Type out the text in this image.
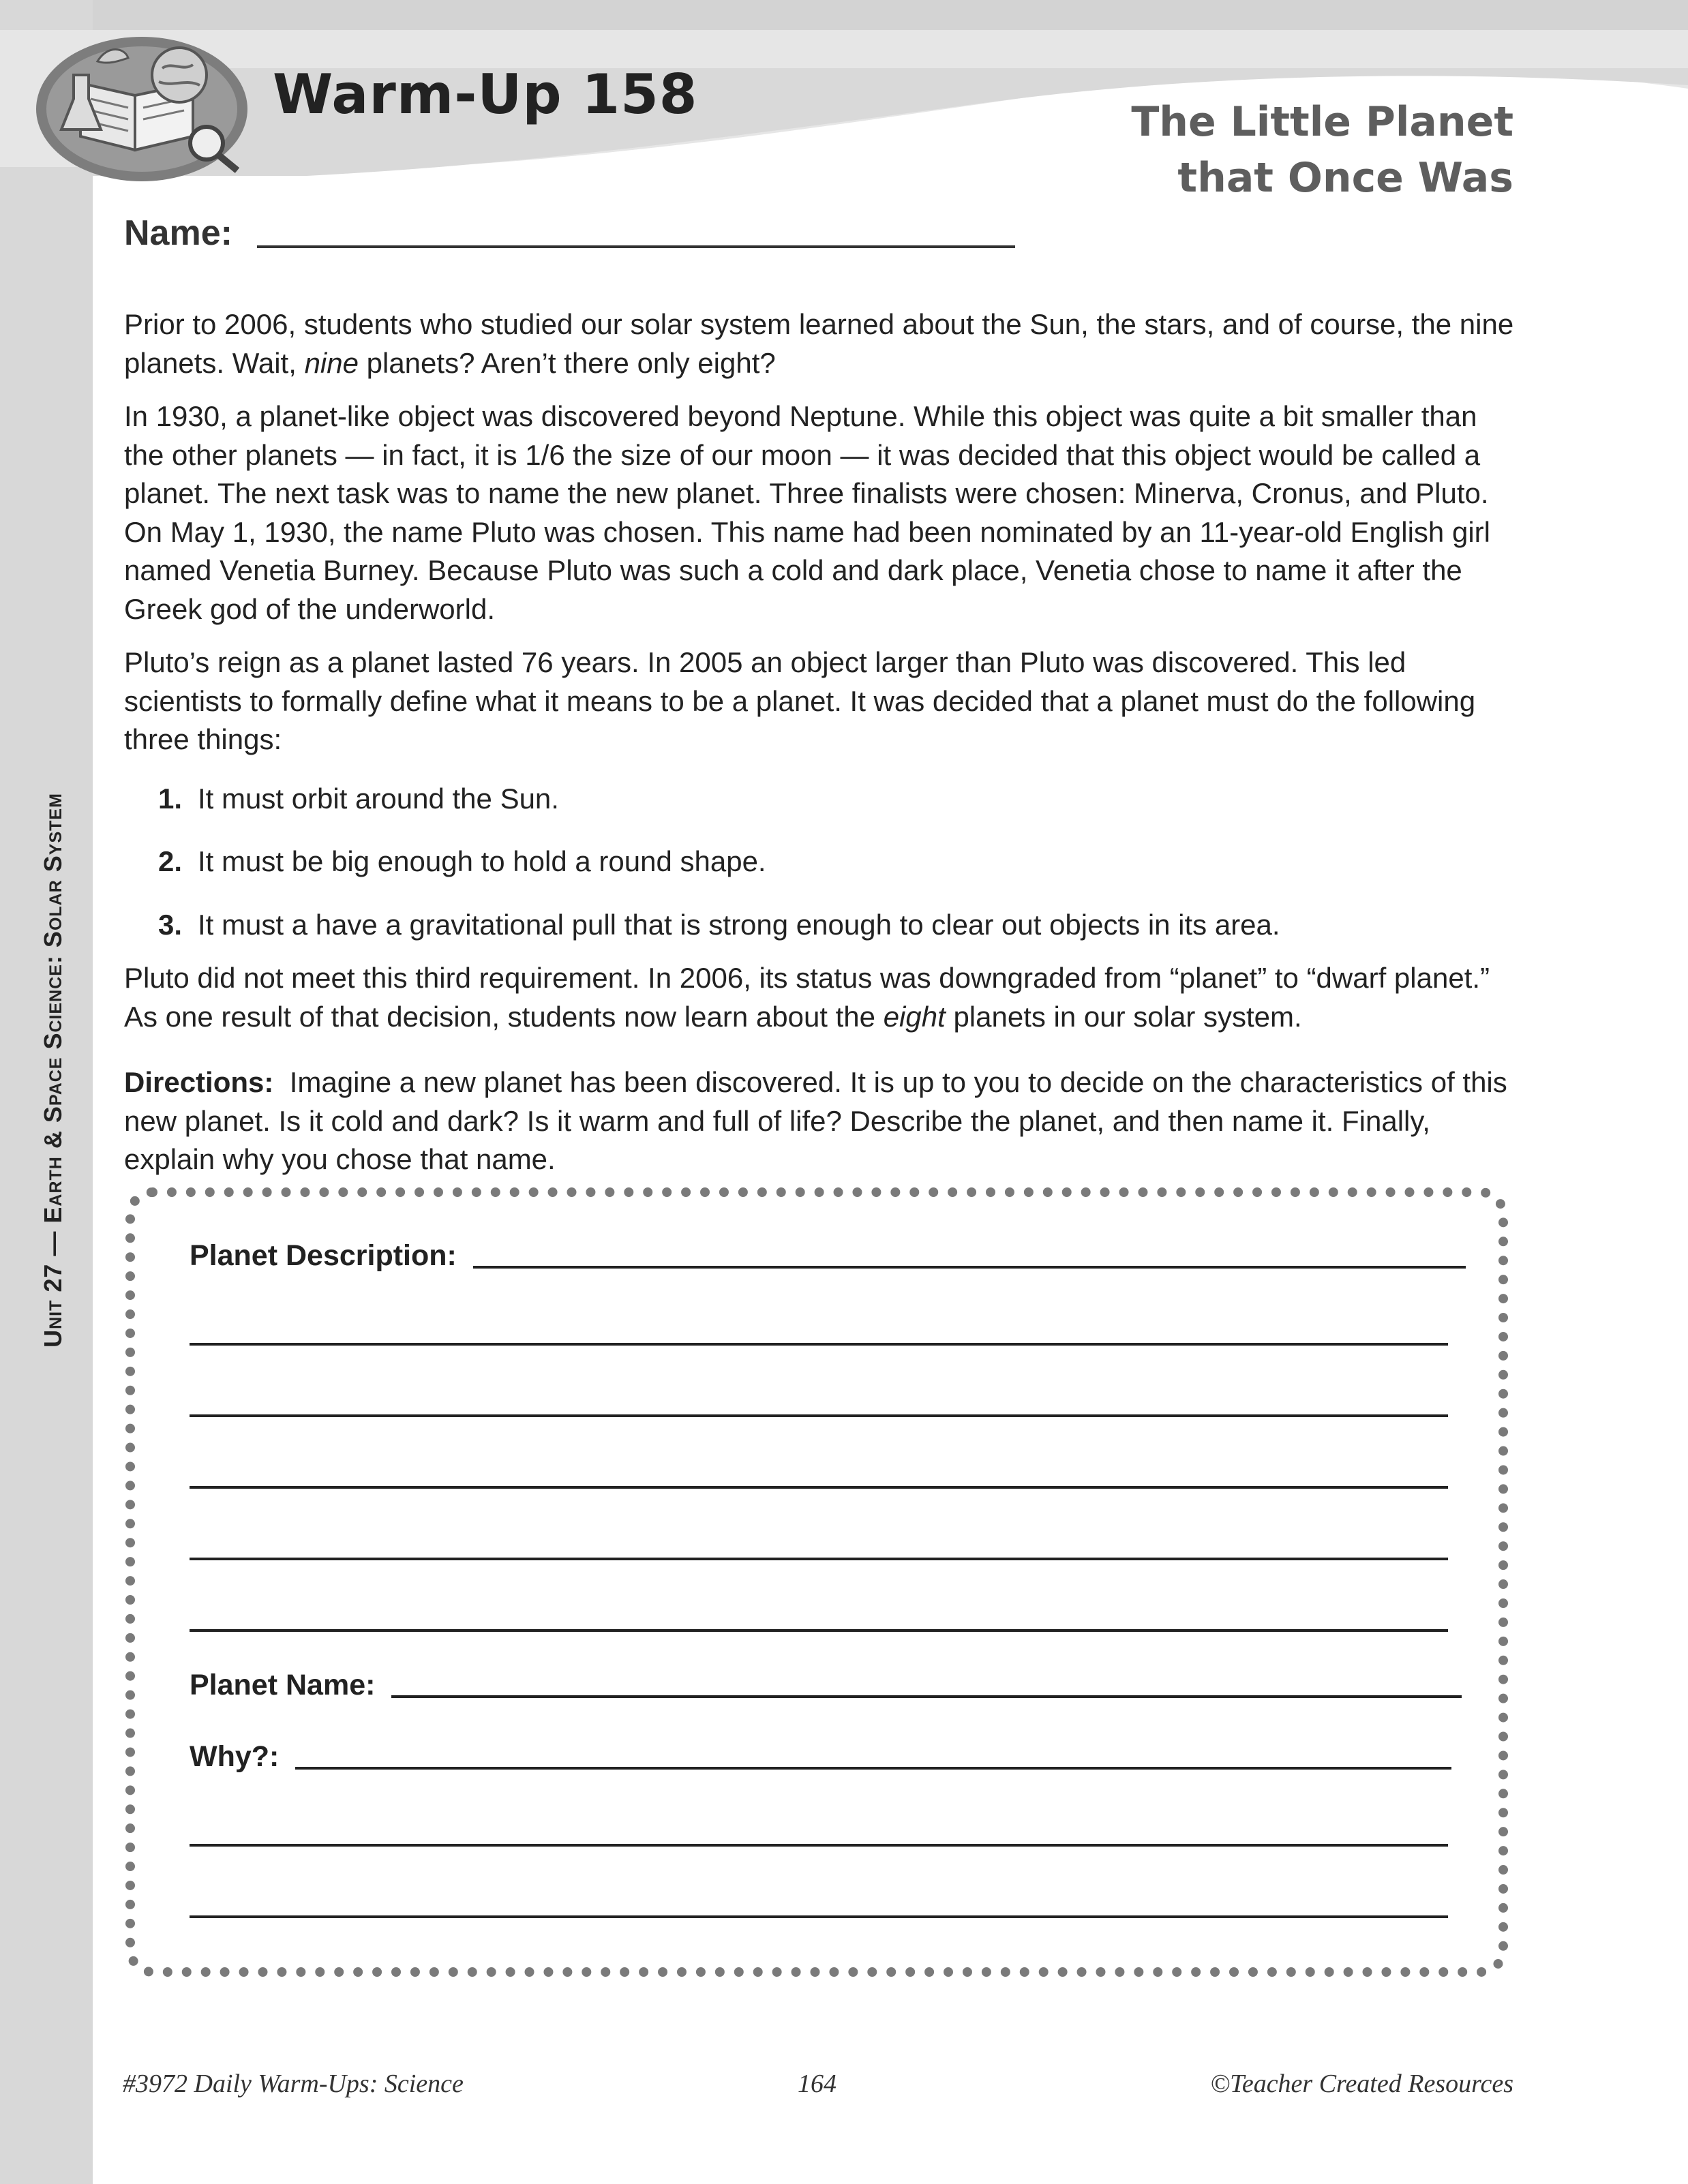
Warm-Up 158	The Little Planet
that Once Was
Unit 27 — Earth & Space Science: Solar System
Name:

Prior to 2006, students who studied our solar system learned about the Sun, the stars, and of course, the nine planets. Wait, nine planets? Aren’t there only eight?

In 1930, a planet-like object was discovered beyond Neptune. While this object was quite a bit smaller than the other planets — in fact, it is 1/6 the size of our moon — it was decided that this object would be called a planet. The next task was to name the new planet. Three finalists were chosen: Minerva, Cronus, and Pluto. On May 1, 1930, the name Pluto was chosen. This name had been nominated by an 11-year-old English girl named Venetia Burney. Because Pluto was such a cold and dark place, Venetia chose to name it after the Greek god of the underworld.

Pluto’s reign as a planet lasted 76 years. In 2005 an object larger than Pluto was discovered. This led scientists to formally define what it means to be a planet. It was decided that a planet must do the following three things:

1. It must orbit around the Sun.
2. It must be big enough to hold a round shape.
3. It must a have a gravitational pull that is strong enough to clear out objects in its area.

Pluto did not meet this third requirement. In 2006, its status was downgraded from “planet” to “dwarf planet.” As one result of that decision, students now learn about the eight planets in our solar system.

Directions: Imagine a new planet has been discovered. It is up to you to decide on the characteristics of this new planet. Is it cold and dark? Is it warm and full of life? Describe the planet, and then name it. Finally, explain why you chose that name.

Planet Description:
Planet Name:
Why?:
#3972 Daily Warm-Ups: Science	164	©Teacher Created Resources
